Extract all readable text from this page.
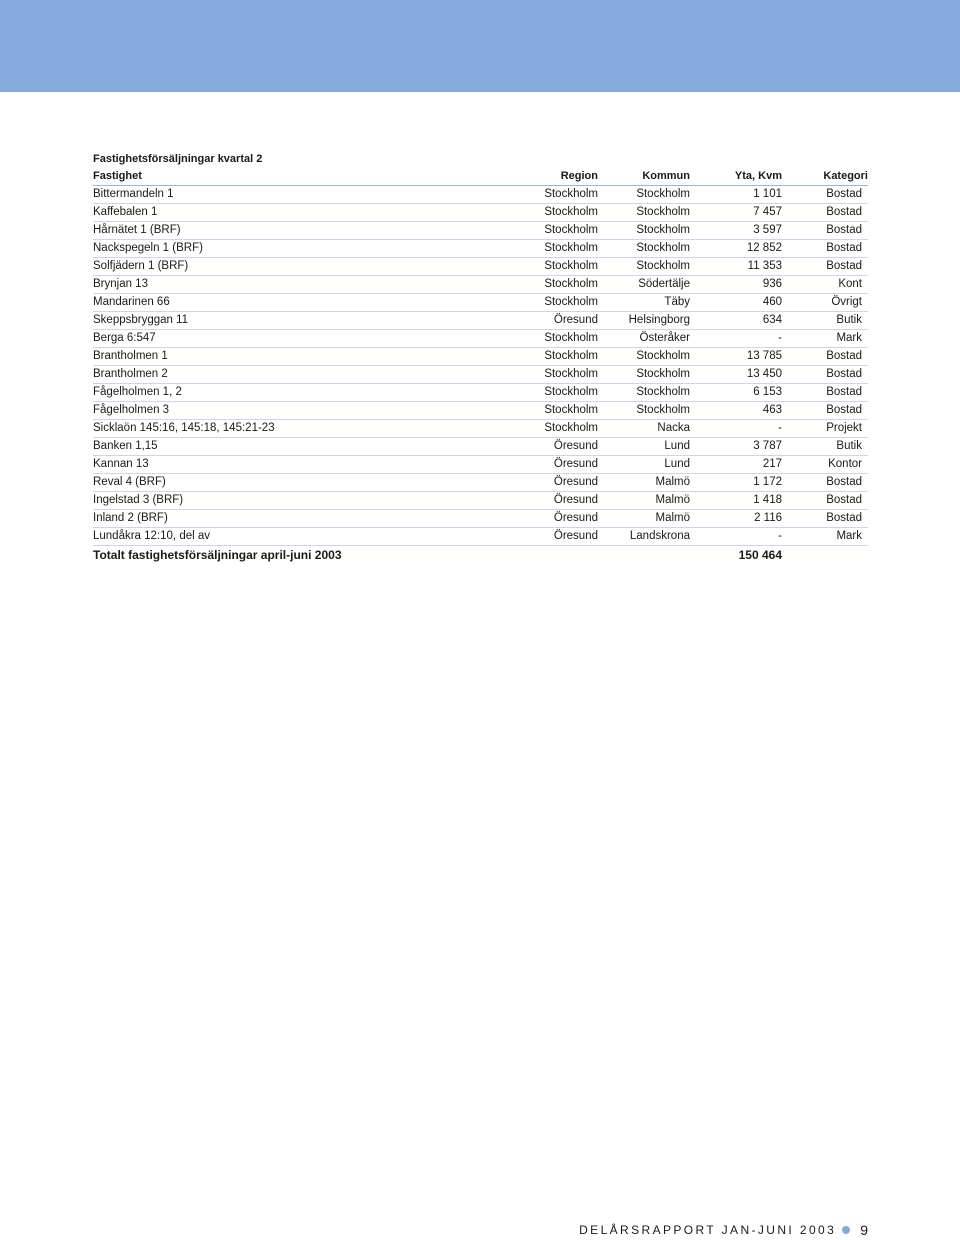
Fastighetsförsäljningar kvartal 2
Fastighet	Region	Kommun	Yta, Kvm	Kategori
Bittermandeln 1	Stockholm	Stockholm	1 101	Bostad
Kaffebalen 1	Stockholm	Stockholm	7 457	Bostad
Hårnätet 1 (BRF)	Stockholm	Stockholm	3 597	Bostad
Nackspegeln 1 (BRF)	Stockholm	Stockholm	12 852	Bostad
Solfjädern 1 (BRF)	Stockholm	Stockholm	11 353	Bostad
Brynjan 13	Stockholm	Södertälje	936	Kont
Mandarinen 66	Stockholm	Täby	460	Övrigt
Skeppsbryggan 11	Öresund	Helsingborg	634	Butik
Berga 6:547	Stockholm	Österåker	-	Mark
Brantholmen 1	Stockholm	Stockholm	13 785	Bostad
Brantholmen 2	Stockholm	Stockholm	13 450	Bostad
Fågelholmen 1, 2	Stockholm	Stockholm	6 153	Bostad
Fågelholmen 3	Stockholm	Stockholm	463	Bostad
Sicklaön 145:16, 145:18, 145:21-23	Stockholm	Nacka	-	Projekt
Banken 1,15	Öresund	Lund	3 787	Butik
Kannan 13	Öresund	Lund	217	Kontor
Reval 4 (BRF)	Öresund	Malmö	1 172	Bostad
Ingelstad 3 (BRF)	Öresund	Malmö	1 418	Bostad
Inland 2 (BRF)	Öresund	Malmö	2 116	Bostad
Lundåkra 12:10, del av	Öresund	Landskrona	-	Mark
Totalt fastighetsförsäljningar april-juni 2003			150 464	
DELÅRSRAPPORT JAN-JUNI 2003 9
